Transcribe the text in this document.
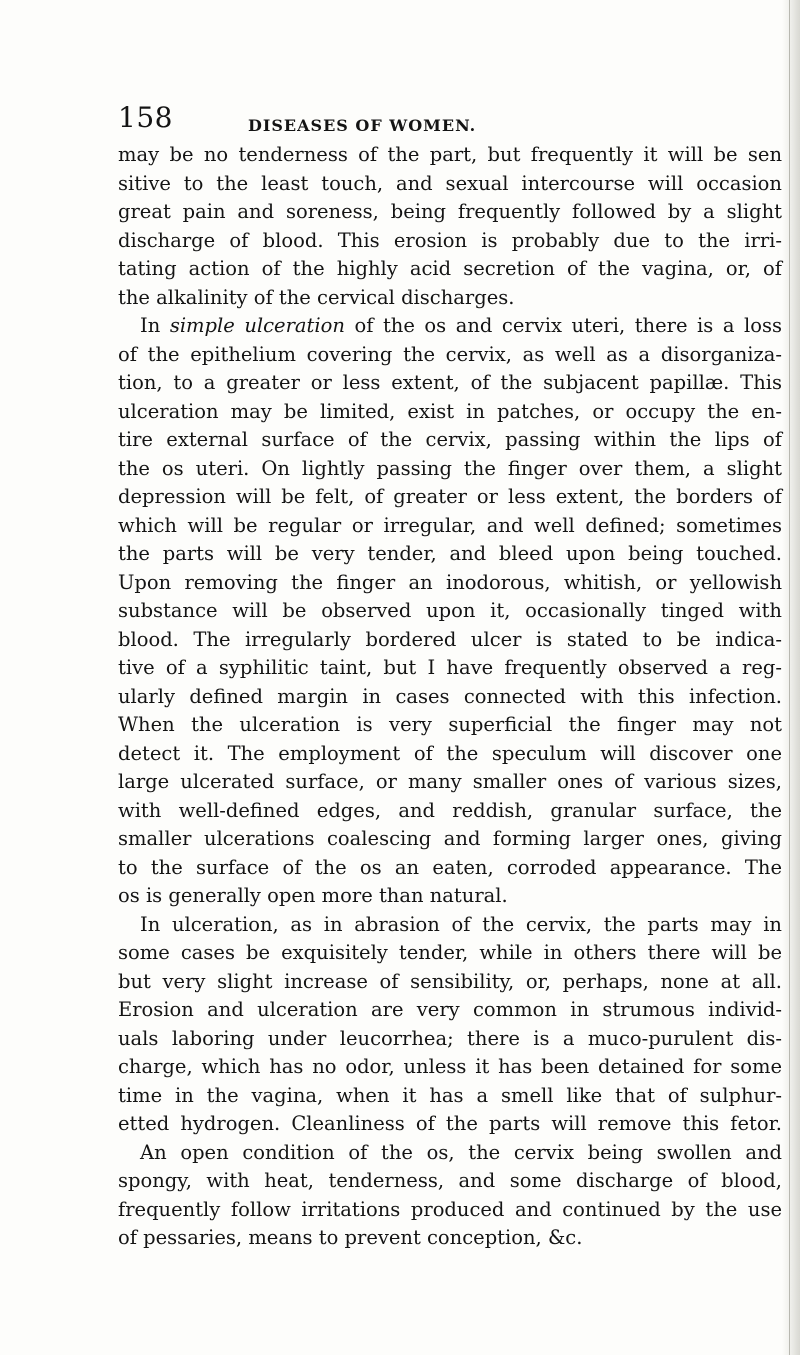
158	DISEASES OF WOMEN.
may be no tenderness of the part, but frequently it will be sen
sitive to the least touch, and sexual intercourse will occasion
great pain and soreness, being frequently followed by a slight
discharge of blood. This erosion is probably due to the irri-
tating action of the highly acid secretion of the vagina, or, of
the alkalinity of the cervical discharges.
In simple ulceration of the os and cervix uteri, there is a loss
of the epithelium covering the cervix, as well as a disorganiza-
tion, to a greater or less extent, of the subjacent papillæ. This
ulceration may be limited, exist in patches, or occupy the en-
tire external surface of the cervix, passing within the lips of
the os uteri. On lightly passing the finger over them, a slight
depression will be felt, of greater or less extent, the borders of
which will be regular or irregular, and well defined; sometimes
the parts will be very tender, and bleed upon being touched.
Upon removing the finger an inodorous, whitish, or yellowish
substance will be observed upon it, occasionally tinged with
blood. The irregularly bordered ulcer is stated to be indica-
tive of a syphilitic taint, but I have frequently observed a reg-
ularly defined margin in cases connected with this infection.
When the ulceration is very superficial the finger may not
detect it. The employment of the speculum will discover one
large ulcerated surface, or many smaller ones of various sizes,
with well-defined edges, and reddish, granular surface, the
smaller ulcerations coalescing and forming larger ones, giving
to the surface of the os an eaten, corroded appearance. The
os is generally open more than natural.
In ulceration, as in abrasion of the cervix, the parts may in
some cases be exquisitely tender, while in others there will be
but very slight increase of sensibility, or, perhaps, none at all.
Erosion and ulceration are very common in strumous individ-
uals laboring under leucorrhea; there is a muco-purulent dis-
charge, which has no odor, unless it has been detained for some
time in the vagina, when it has a smell like that of sulphur-
etted hydrogen. Cleanliness of the parts will remove this fetor.
An open condition of the os, the cervix being swollen and
spongy, with heat, tenderness, and some discharge of blood,
frequently follow irritations produced and continued by the use
of pessaries, means to prevent conception, &c.
